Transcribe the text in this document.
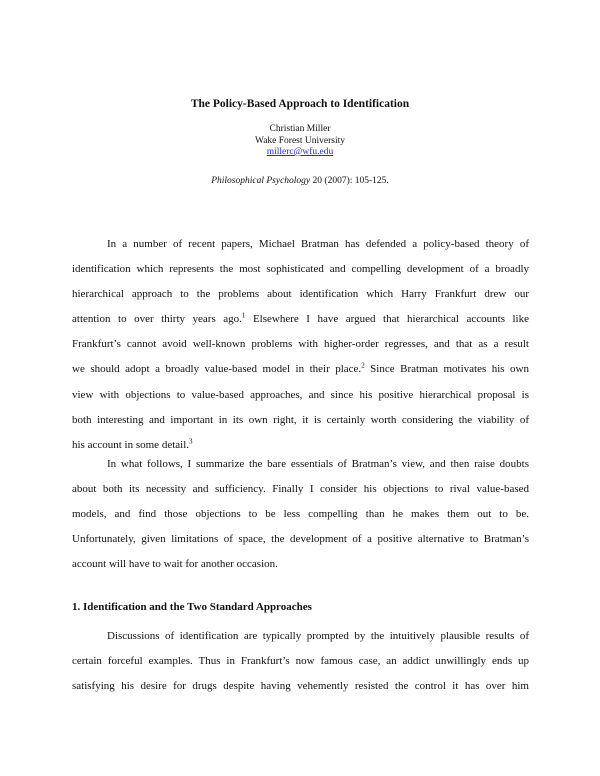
The Policy-Based Approach to Identification
Christian Miller
Wake Forest University
millerc@wfu.edu
Philosophical Psychology 20 (2007): 105-125.
In a number of recent papers, Michael Bratman has defended a policy-based theory of
identification which represents the most sophisticated and compelling development of a broadly
hierarchical approach to the problems about identification which Harry Frankfurt drew our
attention to over thirty years ago.$^1$ Elsewhere I have argued that hierarchical accounts like
Frankfurt’s cannot avoid well-known problems with higher-order regresses, and that as a result
we should adopt a broadly value-based model in their place.$^2$ Since Bratman motivates his own
view with objections to value-based approaches, and since his positive hierarchical proposal is
both interesting and important in its own right, it is certainly worth considering the viability of
his account in some detail.$^3$
In what follows, I summarize the bare essentials of Bratman’s view, and then raise doubts
about both its necessity and sufficiency. Finally I consider his objections to rival value-based
models, and find those objections to be less compelling than he makes them out to be.
Unfortunately, given limitations of space, the development of a positive alternative to Bratman’s
account will have to wait for another occasion.
1. Identification and the Two Standard Approaches
Discussions of identification are typically prompted by the intuitively plausible results of
certain forceful examples. Thus in Frankfurt’s now famous case, an addict unwillingly ends up
satisfying his desire for drugs despite having vehemently resisted the control it has over him
